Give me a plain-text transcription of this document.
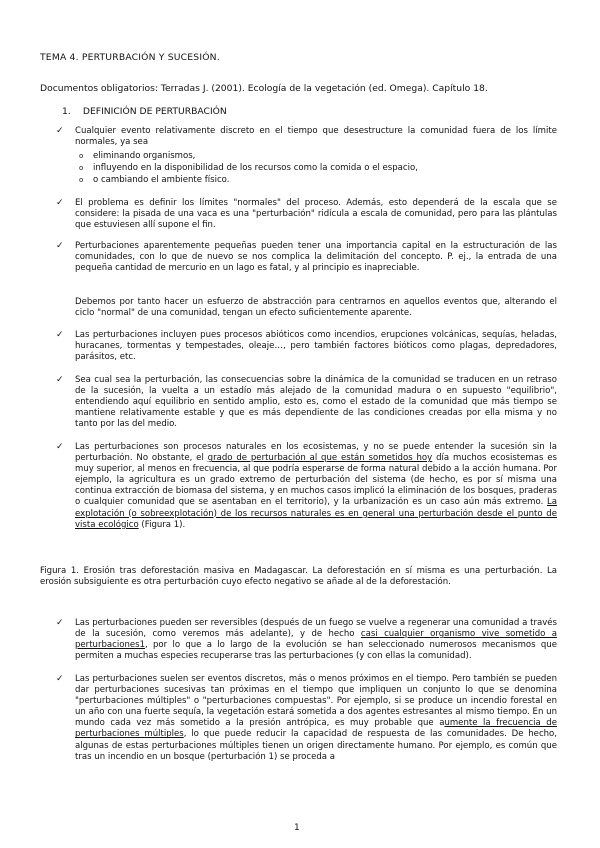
TEMA 4. PERTURBACIÓN Y SUCESIÓN.
Documentos obligatorios: Terradas J. (2001). Ecología de la vegetación (ed. Omega). Capítulo 18.
1. DEFINICIÓN DE PERTURBACIÓN
✓ Cualquier evento relativamente discreto en el tiempo que desestructure la comunidad fuera de los límite normales, ya sea
o eliminando organismos,
o influyendo en la disponibilidad de los recursos como la comida o el espacio,
o o cambiando el ambiente físico.
✓ El problema es definir los límites "normales" del proceso. Además, esto dependerá de la escala que se considere: la pisada de una vaca es una "perturbación" ridícula a escala de comunidad, pero para las plántulas que estuviesen allí supone el fin.
✓ Perturbaciones aparentemente pequeñas pueden tener una importancia capital en la estructuración de las comunidades, con lo que de nuevo se nos complica la delimitación del concepto. P. ej., la entrada de una pequeña cantidad de mercurio en un lago es fatal, y al principio es inapreciable.
Debemos por tanto hacer un esfuerzo de abstracción para centrarnos en aquellos eventos que, alterando el ciclo "normal" de una comunidad, tengan un efecto suficientemente aparente.
✓ Las perturbaciones incluyen pues procesos abióticos como incendios, erupciones volcánicas, sequías, heladas, huracanes, tormentas y tempestades, oleaje…, pero también factores bióticos como plagas, depredadores, parásitos, etc.
✓ Sea cual sea la perturbación, las consecuencias sobre la dinámica de la comunidad se traducen en un retraso de la sucesión, la vuelta a un estadío más alejado de la comunidad madura o en supuesto "equilibrio", entendiendo aquí equilibrio en sentido amplio, esto es, como el estado de la comunidad que más tiempo se mantiene relativamente estable y que es más dependiente de las condiciones creadas por ella misma y no tanto por las del medio.
✓ Las perturbaciones son procesos naturales en los ecosistemas, y no se puede entender la sucesión sin la perturbación. No obstante, el grado de perturbación al que están sometidos hoy día muchos ecosistemas es muy superior, al menos en frecuencia, al que podría esperarse de forma natural debido a la acción humana. Por ejemplo, la agricultura es un grado extremo de perturbación del sistema (de hecho, es por sí misma una continua extracción de biomasa del sistema, y en muchos casos implicó la eliminación de los bosques, praderas o cualquier comunidad que se asentaban en el territorio), y la urbanización es un caso aún más extremo. La explotación (o sobreexplotación) de los recursos naturales es en general una perturbación desde el punto de vista ecológico (Figura 1).
Figura 1. Erosión tras deforestación masiva en Madagascar. La deforestación en sí misma es una perturbación. La erosión subsiguiente es otra perturbación cuyo efecto negativo se añade al de la deforestación.
✓ Las perturbaciones pueden ser reversibles (después de un fuego se vuelve a regenerar una comunidad a través de la sucesión, como veremos más adelante), y de hecho casi cualquier organismo vive sometido a perturbaciones1, por lo que a lo largo de la evolución se han seleccionado numerosos mecanismos que permiten a muchas especies recuperarse tras las perturbaciones (y con ellas la comunidad).
✓ Las perturbaciones suelen ser eventos discretos, más o menos próximos en el tiempo. Pero también se pueden dar perturbaciones sucesivas tan próximas en el tiempo que impliquen un conjunto lo que se denomina "perturbaciones múltiples" o "perturbaciones compuestas". Por ejemplo, si se produce un incendio forestal en un año con una fuerte sequía, la vegetación estará sometida a dos agentes estresantes al mismo tiempo. En un mundo cada vez más sometido a la presión antrópica, es muy probable que aumente la frecuencia de perturbaciones múltiples, lo que puede reducir la capacidad de respuesta de las comunidades. De hecho, algunas de estas perturbaciones múltiples tienen un origen directamente humano. Por ejemplo, es común que tras un incendio en un bosque (perturbación 1) se proceda a
1
